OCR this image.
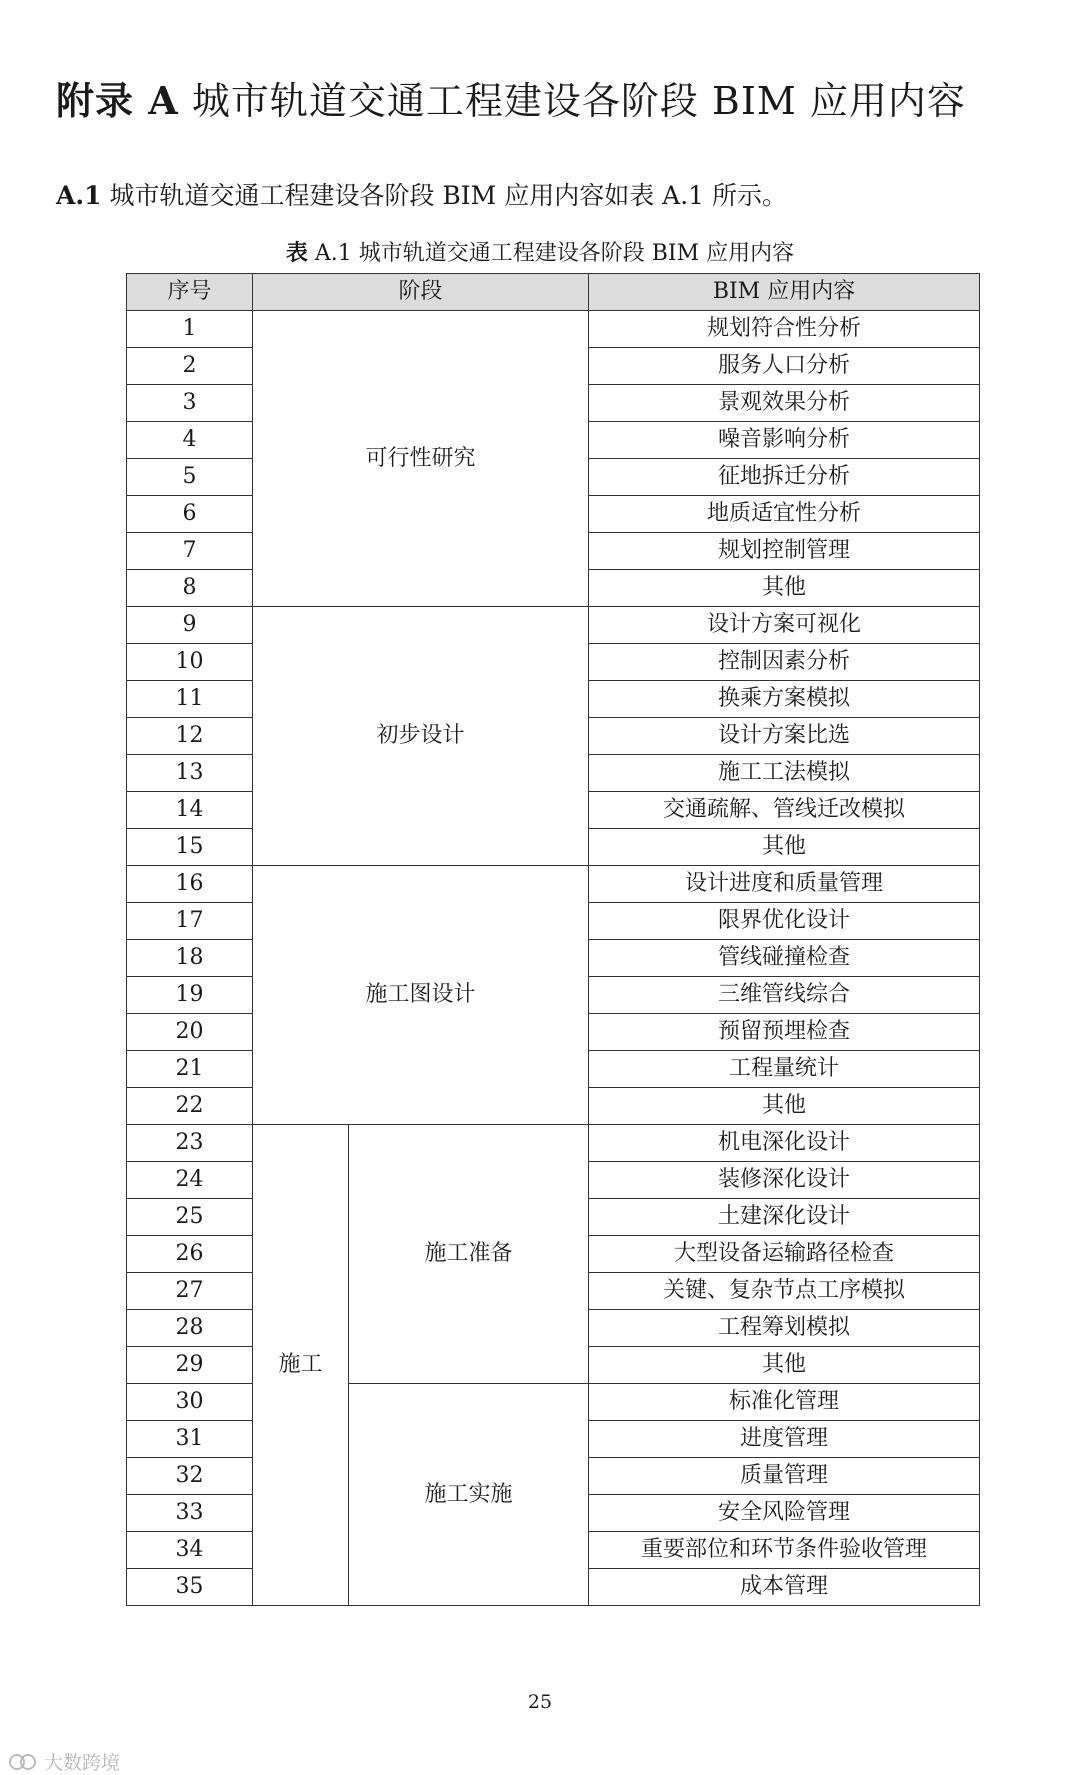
附录 A 城市轨道交通工程建设各阶段 BIM 应用内容

A.1 城市轨道交通工程建设各阶段 BIM 应用内容如表 A.1 所示。

表 A.1 城市轨道交通工程建设各阶段 BIM 应用内容
序号	阶段		BIM 应用内容
1	可行性研究		规划符合性分析
2			服务人口分析
3			景观效果分析
4			噪音影响分析
5			征地拆迁分析
6			地质适宜性分析
7			规划控制管理
8			其他
9	初步设计		设计方案可视化
10			控制因素分析
11			换乘方案模拟
12			设计方案比选
13			施工工法模拟
14			交通疏解、管线迁改模拟
15			其他
16	施工图设计		设计进度和质量管理
17			限界优化设计
18			管线碰撞检查
19			三维管线综合
20			预留预埋检查
21			工程量统计
22			其他
23	施工	施工准备	机电深化设计
24			装修深化设计
25			土建深化设计
26			大型设备运输路径检查
27			关键、复杂节点工序模拟
28			工程筹划模拟
29			其他
30		施工实施	标准化管理
31			进度管理
32			质量管理
33			安全风险管理
34			重要部位和环节条件验收管理
35			成本管理
25
大数跨境
